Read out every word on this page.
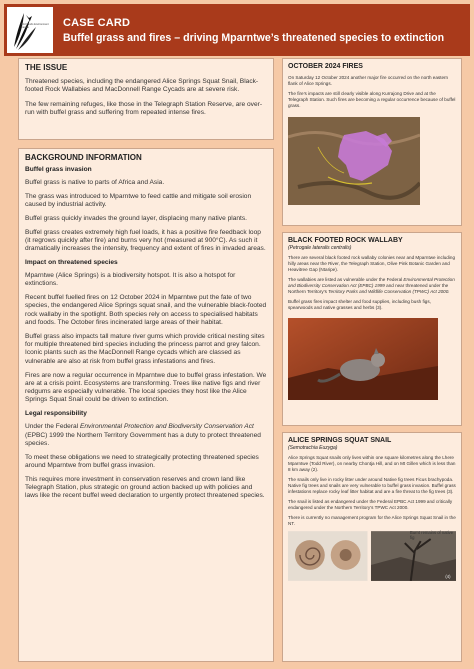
Arid Lands Environment Centre	CASE CARD
Buffel grass and fires – driving Mparntwe’s threatened species to extinction
THE ISSUE

Threatened species, including the endangered Alice Springs Squat Snail, Black-footed Rock Wallabies and MacDonnell Range Cycads are at severe risk.

The few remaining refuges, like those in the Telegraph Station Reserve, are over-run with buffel grass and suffering from repeated intense fires.

BACKGROUND INFORMATION
Buffel grass invasion

Buffel grass is native to parts of Africa and Asia.

The grass was introduced to Mparntwe to feed cattle and mitigate soil erosion caused by industrial activity.

Buffel grass quickly invades the ground layer, displacing many native plants.

Buffel grass creates extremely high fuel loads, it has a positive fire feedback loop (it regrows quickly after fire) and burns very hot (measured at 900°C). As such it dramatically increases the intensity, frequency and extent of fires in invaded areas.

Impact on threatened species

Mparntwe (Alice Springs) is a biodiversity hotspot. It is also a hotspot for extinctions.

Recent buffel fuelled fires on 12 October 2024 in Mparntwe put the fate of two species, the endangered Alice Springs squat snail, and the vulnerable black-footed rock wallaby in the spotlight. Both species rely on access to specialised habitats and foods. The October fires incinerated large areas of their habitat.

Buffel grass also impacts tall mature river gums which provide critical nesting sites for multiple threatened bird species including the princess parrot and grey falcon. Iconic plants such as the MacDonnell Range cycads which are classed as vulnerable are also at risk from buffel grass infestations and fires.

Fires are now a regular occurrence in Mparntwe due to buffel grass infestation. We are at a crisis point. Ecosystems are transforming. Trees like native figs and river redgums are especially vulnerable. The local species they host like the Alice Springs Squat Snail could be driven to extinction.

Legal responsibility

Under the Federal Environmental Protection and Biodiversity Conservation Act (EPBC) 1999 the Northern Territory Government has a duty to protect threatened species.

To meet these obligations we need to strategically protecting threatened species around Mparntwe from buffel grass invasion.

This requires more investment in conservation reserves and crown land like Telegraph Station, plus strategic on ground action backed up with policies and laws like the recent buffel weed declaration to urgently protect threatened species.

OCTOBER 2024 FIRES

On Saturday 12 October 2024 another major fire occurred on the north eastern flank of Alice Springs.

The fire’s impacts are still clearly visible along Kurrajong Drive and at the Telegraph Station. Such fires are becoming a regular occurrence because of buffel grass.

BLACK FOOTED ROCK WALLABY
(Petrogale lateralis centralis)

There are several black footed rock wallaby colonies near and Mparntwe including hilly areas near the River, the Telegraph Station, Olive Pink Botanic Garden and Heavitree Gap (Ntaripe).

The wallabies are listed as vulnerable under the Federal Environmental Protection and Biodiversity Conservation Act (EPBC) 1999 and near threatened under the Northern Territory’s Territory Parks and Wildlife Conservation (TPWC) Act 2000.

Buffel grass fires impact shelter and food supplies, including bush figs, spearwoods and native grasses and herbs (3).

ALICE SPRINGS SQUAT SNAIL
(Semotrachia Euzyga)

Alice Springs Squat snails only lives within one square kilometres along the Lhere Mparntwe (Todd River), on nearby Chontja Hill, and on Mt Gillen which is less than 8 km away (2).

The snails only live in rocky litter under around Native fig trees Ficus brachypoda. Native fig trees and snails are very vulnerable to buffel grass invasion. Buffel grass infestations replace rocky leaf litter habitat and are a fire threat to the fig trees (3).

The snail is listed as endangered under the Federal EPBC Act 1999 and critically endangered under the Northern Territory’s TPWC Act 2000.

There is currently no management program for the Alice Springs Squat Snail in the NT.

(4)
Burnt remains of native fig
